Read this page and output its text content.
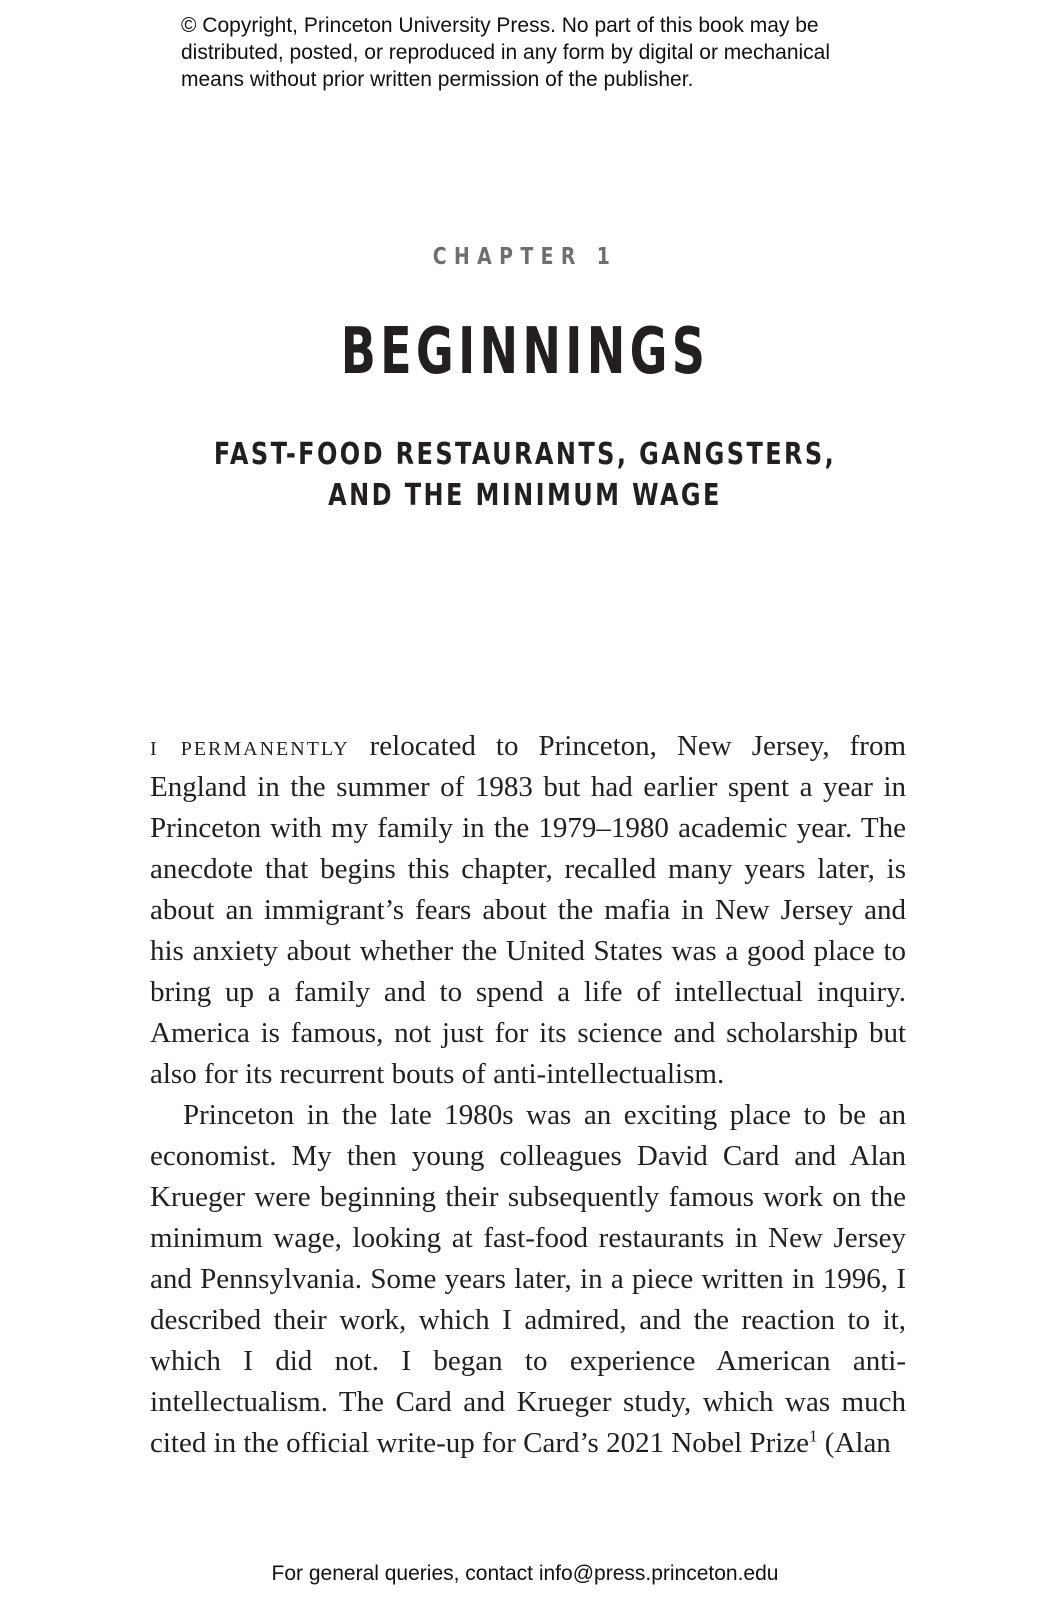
© Copyright, Princeton University Press. No part of this book may be

distributed, posted, or reproduced in any form by digital or mechanical

means without prior written permission of the publisher.

CHAPTER 1
BEGINNINGS
FAST-FOOD RESTAURANTS, GANGSTERS,
AND THE MINIMUM WAGE

i permanently relocated to Princeton, New Jersey, from England in the summer of 1983 but had earlier spent a year in Princeton with my family in the 1979–1980 academic year. The anecdote that begins this chapter, recalled many years later, is about an immigrant’s fears about the mafia in New Jersey and his anxiety about whether the United States was a good place to bring up a family and to spend a life of intellectual inquiry. America is famous, not just for its science and scholarship but also for its recurrent bouts of anti-intellectualism.

Princeton in the late 1980s was an exciting place to be an economist. My then young colleagues David Card and Alan Krueger were beginning their subsequently famous work on the minimum wage, looking at fast-food restaurants in New Jersey and Pennsylvania. Some years later, in a piece written in 1996, I described their work, which I admired, and the reaction to it, which I did not. I began to experience American anti-intellectualism. The Card and Krueger study, which was much cited in the official write-up for Card’s 2021 Nobel Prize$^1$ (Alan

For general queries, contact info@press.princeton.edu
